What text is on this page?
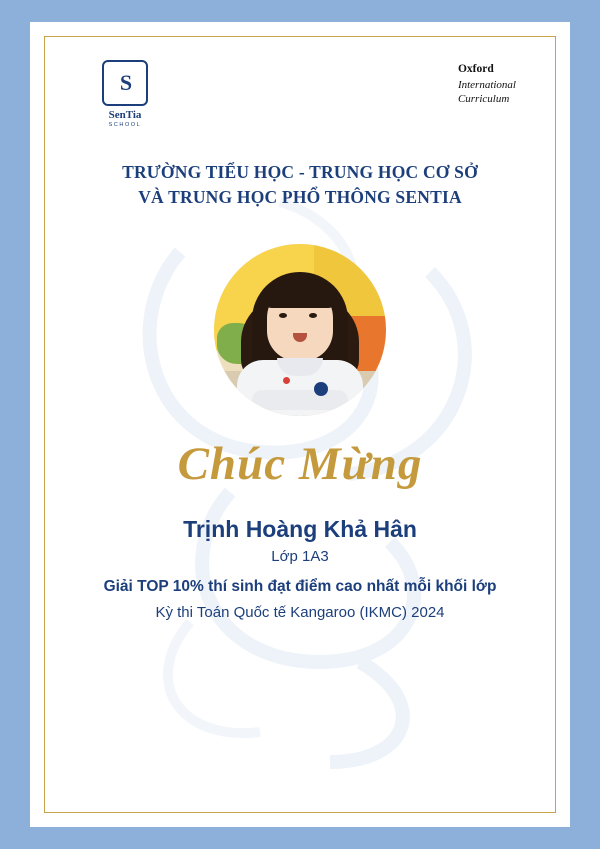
S
SenTia
SCHOOL
Oxford
International
Curriculum
TRƯỜNG TIỂU HỌC - TRUNG HỌC CƠ SỞ
VÀ TRUNG HỌC PHỔ THÔNG SENTIA
Chúc Mừng
Trịnh Hoàng Khả Hân
Lớp 1A3
Giải TOP 10% thí sinh đạt điểm cao nhất mỗi khối lớp
Kỳ thi Toán Quốc tế Kangaroo (IKMC) 2024
